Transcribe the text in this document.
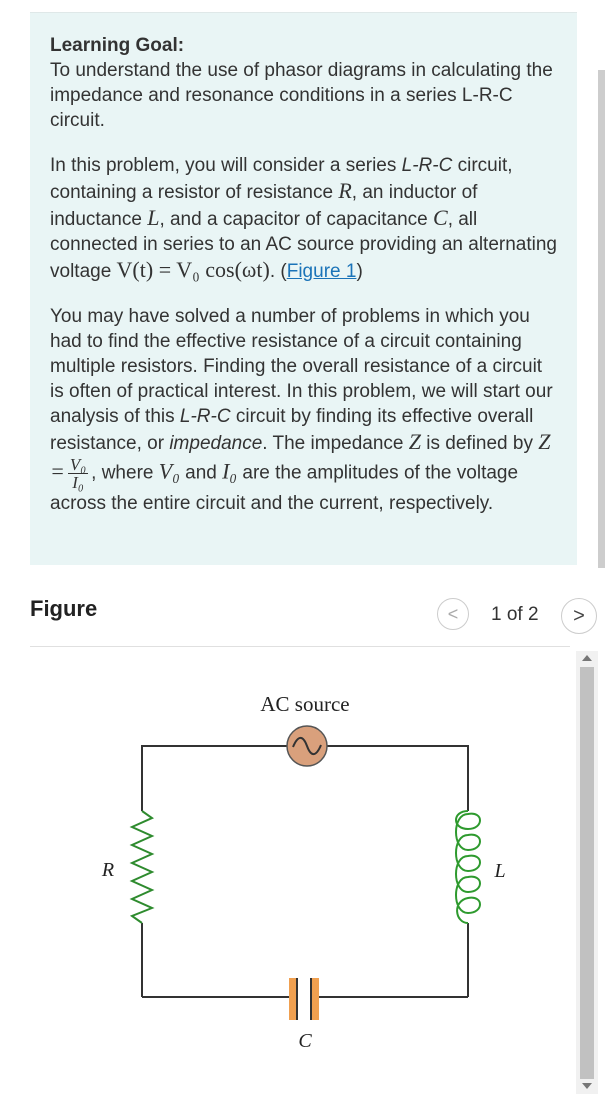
Learning Goal:
To understand the use of phasor diagrams in calculating the impedance and resonance conditions in a series L-R-C circuit.

In this problem, you will consider a series L-R-C circuit, containing a resistor of resistance R, an inductor of inductance L, and a capacitor of capacitance C, all connected in series to an AC source providing an alternating voltage V(t) = V₀ cos(ωt). (Figure 1)

You may have solved a number of problems in which you had to find the effective resistance of a circuit containing multiple resistors. Finding the overall resistance of a circuit is often of practical interest. In this problem, we will start our analysis of this L-R-C circuit by finding its effective overall resistance, or impedance. The impedance Z is defined by $Z = \frac{\text{V₀}}{\text{I₀}}$ , where V₀ and I₀ are the amplitudes of the voltage across the entire circuit and the current, respectively.

Figure	<	1 of 2	>
AC source
R	L
C
